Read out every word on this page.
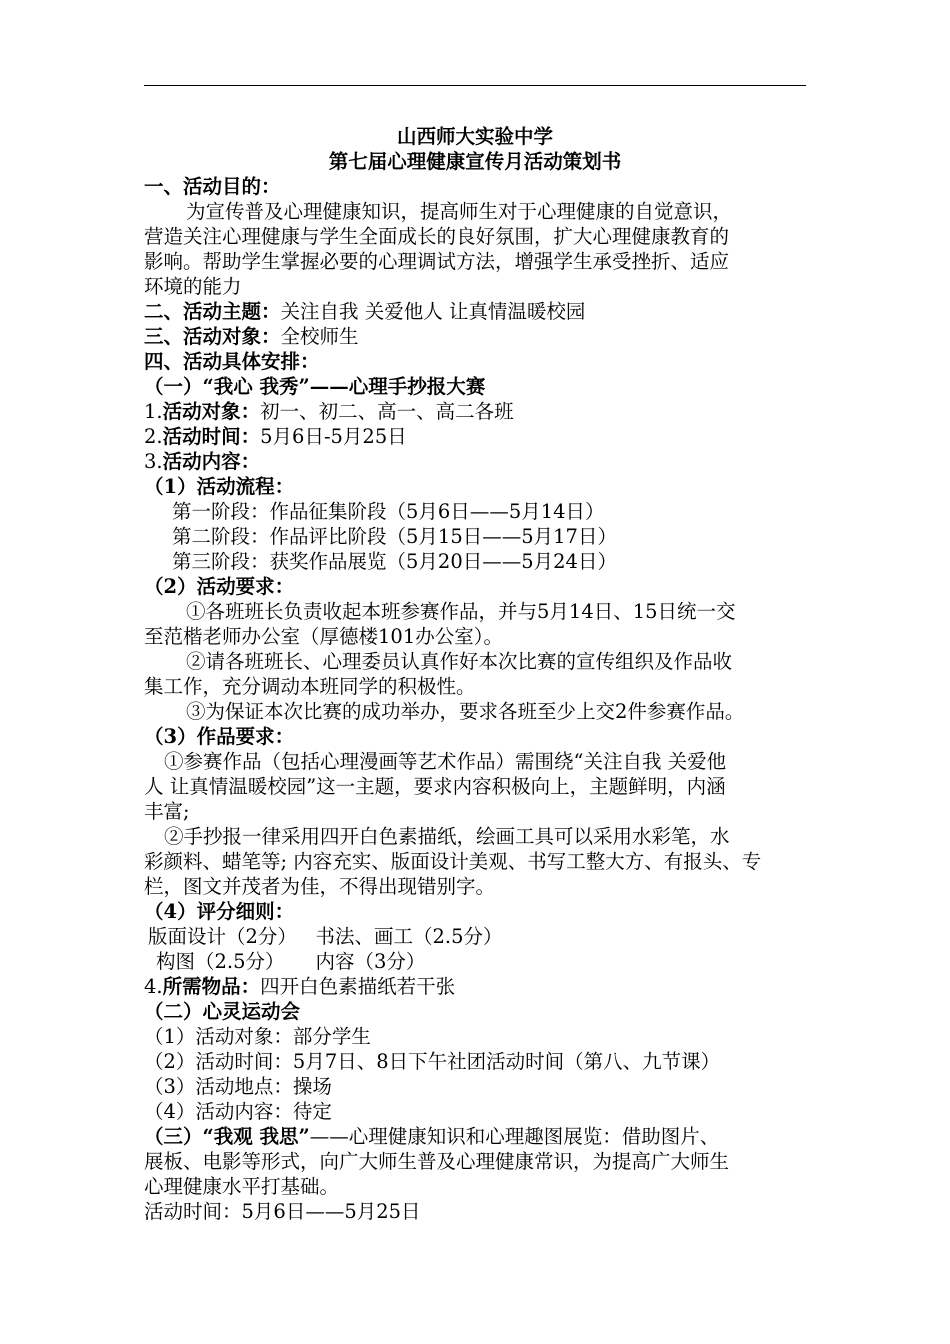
山西师大实验中学
第七届心理健康宣传月活动策划书
一、活动目的：
为宣传普及心理健康知识，提高师生对于心理健康的自觉意识，
营造关注心理健康与学生全面成长的良好氛围，扩大心理健康教育的
影响。帮助学生掌握必要的心理调试方法，增强学生承受挫折、适应
环境的能力
二、活动主题：关注自我 关爱他人 让真情温暖校园
三、活动对象：全校师生
四、活动具体安排：
（一）“我心 我秀”——心理手抄报大赛
1.活动对象：初一、初二、高一、高二各班
2.活动时间：5月6日-5月25日
3.活动内容：
（1）活动流程：
第一阶段：作品征集阶段（5月6日——5月14日）
第二阶段：作品评比阶段（5月15日——5月17日）
第三阶段：获奖作品展览（5月20日——5月24日）
（2）活动要求：
①各班班长负责收起本班参赛作品，并与5月14日、15日统一交
至范楷老师办公室（厚德楼101办公室）。
②请各班班长、心理委员认真作好本次比赛的宣传组织及作品收
集工作，充分调动本班同学的积极性。
③为保证本次比赛的成功举办，要求各班至少上交2件参赛作品。
（3）作品要求：
①参赛作品（包括心理漫画等艺术作品）需围绕“关注自我 关爱他
人 让真情温暖校园”这一主题，要求内容积极向上，主题鲜明，内涵
丰富;
②手抄报一律采用四开白色素描纸，绘画工具可以采用水彩笔，水
彩颜料、蜡笔等; 内容充实、版面设计美观、书写工整大方、有报头、专
栏，图文并茂者为佳，不得出现错别字。
（4）评分细则：
版面设计（2分）   书法、画工（2.5分）
构图（2.5分）     内容（3分）
4.所需物品：四开白色素描纸若干张
（二）心灵运动会
（1）活动对象：部分学生
（2）活动时间：5月7日、8日下午社团活动时间（第八、九节课）
（3）活动地点：操场
（4）活动内容：待定
（三）“我观 我思”——心理健康知识和心理趣图展览：借助图片、
展板、电影等形式，向广大师生普及心理健康常识，为提高广大师生
心理健康水平打基础。
活动时间：5月6日——5月25日
